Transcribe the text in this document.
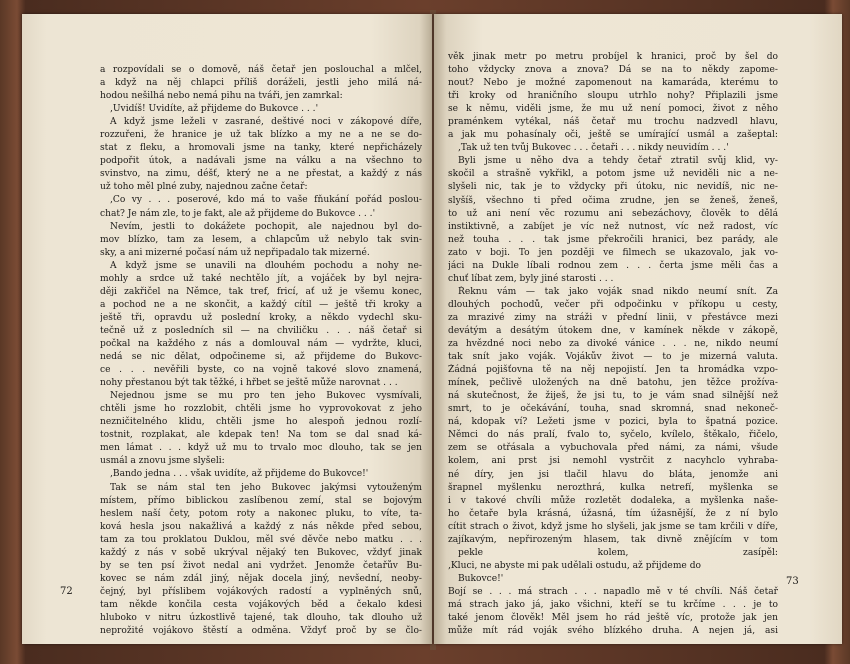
a rozpovídali se o domově, náš četař jen poslouchal a mlčel,
a když na něj chlapci příliš doráželi, jestli jeho milá ná-
hodou nešilhá nebo nemá pihu na tváři, jen zamrkal:
‚Uvidíš! Uvidíte, až přijdeme do Bukovce . . .'
A když jsme leželi v zasrané, deštivé noci v zákopové díře,
rozzuřeni, že hranice je už tak blízko a my ne a ne se do-
stat z fleku, a hromovali jsme na tanky, které nepřicházely
podpořit útok, a nadávali jsme na válku a na všechno to
svinstvo, na zimu, déšť, který ne a ne přestat, a každý z nás
už toho měl plné zuby, najednou začne četař:
‚Co vy . . . poserové, kdo má to vaše fňukání pořád poslou-
chat? Je nám zle, to je fakt, ale až přijdeme do Bukovce . . .'
Nevím, jestli to dokážete pochopit, ale najednou byl do-
mov blízko, tam za lesem, a chlapcům už nebylo tak svin-
sky, a ani mizerné počasí nám už nepřipadalo tak mizerné.
A když jsme se unavili na dlouhém pochodu a nohy ne-
mohly a srdce už také nechtělo jít, a vojáček by byl nejra-
ději zakřičel na Němce, tak tref, fricí, ať už je všemu konec,
a pochod ne a ne skončit, a každý cítil — ještě tři kroky a
ještě tři, opravdu už poslední kroky, a někdo vydechl sku-
tečně už z posledních sil — na chviličku . . . náš četař si
počkal na každého z nás a domlouval nám — vydržte, kluci,
nedá se nic dělat, odpočineme si, až přijdeme do Bukovc-
ce . . . nevěřili byste, co na vojně takové slovo znamená,
nohy přestanou být tak těžké, i hřbet se ještě může narovnat . . .
Nejednou jsme se mu pro ten jeho Bukovec vysmívali,
chtěli jsme ho rozzlobit, chtěli jsme ho vyprovokovat z jeho
nezničitelného klidu, chtěli jsme ho alespoň jednou rozlí-
tostnit, rozplakat, ale kdepak ten! Na tom se dal snad ká-
men lámat . . . když už mu to trvalo moc dlouho, tak se jen
usmál a znovu jsme slyšeli:
‚Bando jedna . . . však uvidíte, až přijdeme do Bukovce!'
Tak se nám stal ten jeho Bukovec jakýmsi vytouženým
místem, přímo biblickou zaslíbenou zemí, stal se bojovým
heslem naší čety, potom roty a nakonec pluku, to víte, ta-
ková hesla jsou nakažlivá a každý z nás někde před sebou,
tam za tou proklatou Duklou, měl své děvče nebo matku . . .
každý z nás v sobě ukrýval nějaký ten Bukovec, vždyť jinak
by se ten psí život nedal ani vydržet. Jenomže četařův Bu-
kovec se nám zdál jiný, nějak docela jiný, nevšední, neoby-
čejný, byl příslibem vojákových radostí a vyplněných snů,
tam někde končila cesta vojákových běd a čekalo kdesi
hluboko v nitru úzkostlivě tajené, tak dlouho, tak dlouho už
neprožité vojákovo štěstí a odměna. Vždyť proč by se člo-
72
věk jinak metr po metru probíjel k hranici, proč by šel do
toho vždycky znova a znova? Dá se na to někdy zapome-
nout? Nebo je možné zapomenout na kamaráda, kterému to
tři kroky od hraničního sloupu utrhlo nohy? Připlazili jsme
se k němu, viděli jsme, že mu už není pomoci, život z něho
praménkem vytékal, náš četař mu trochu nadzvedl hlavu,
a jak mu pohasínaly oči, ještě se umírající usmál a zašeptal:
‚Tak už ten tvůj Bukovec . . . četaři . . . nikdy neuvidím . . .'
Byli jsme u něho dva a tehdy četař ztratil svůj klid, vy-
skočil a strašně vykřikl, a potom jsme už neviděli nic a ne-
slyšeli nic, tak je to vždycky při útoku, nic nevidíš, nic ne-
slyšíš, všechno ti před očima zrudne, jen se ženeš, ženeš,
to už ani není věc rozumu ani sebezáchovy, člověk to dělá
instiktivně, a zabíjet je víc než nutnost, víc než radost, víc
než touha . . . tak jsme překročili hranici, bez parády, ale
zato v boji. To jen později ve filmech se ukazovalo, jak vo-
jáci na Dukle líbali rodnou zem . . . čerta jsme měli čas a
chuť líbat zem, byly jiné starosti . . .
Řeknu vám — tak jako voják snad nikdo neumí snít. Za
dlouhých pochodů, večer při odpočinku v příkopu u cesty,
za mrazivé zimy na stráži v přední linii, v přestávce mezi
devátým a desátým útokem dne, v kamínek někde v zákopě,
za hvězdné noci nebo za divoké vánice . . . ne, nikdo neumí
tak snít jako voják. Vojákův život — to je mizerná valuta.
Žádná pojišťovna tě na něj nepojistí. Jen ta hromádka vzpo-
mínek, pečlivě uložených na dně batohu, jen těžce prožíva-
ná skutečnost, že žiješ, že jsi tu, to je vám snad silnější než
smrt, to je očekávání, touha, snad skromná, snad nekoneč-
ná, kdopak ví? Ležeti jsme v pozici, byla to špatná pozice.
Němci do nás pralí, fvalo to, syčelo, kvílelo, štěkalo, řičelo,
zem se otřásala a vybuchovala před námi, za námi, všude
kolem, ani prst jsi nemohl vystrčit z nacyhclo vyhraba-
né díry, jen jsi tlačil hlavu do bláta, jenomže ani
šrapnel myšlenku nerozthrá, kulka netrefí, myšlenka se
i v takové chvíli může rozletět dodaleka, a myšlenka naše-
ho četaře byla krásná, úžasná, tím úžasnější, že z ní bylo
cítit strach o život, když jsme ho slyšeli, jak jsme se tam krčili v díře,
zajíkavým, nepřirozeným hlasem, tak divně znějícím v tom
pekle kolem, zasípěl:
‚Kluci, ne abyste mi pak udělali ostudu, až přijdeme do
Bukovce!'
Bojí se . . . má strach . . . napadlo mě v té chvíli. Náš četař
má strach jako já, jako všichni, kteří se tu krčíme . . . je to
také jenom člověk! Měl jsem ho rád ještě víc, protože jak jen
může mít rád voják svého blízkého druha. A nejen já, asi
73
